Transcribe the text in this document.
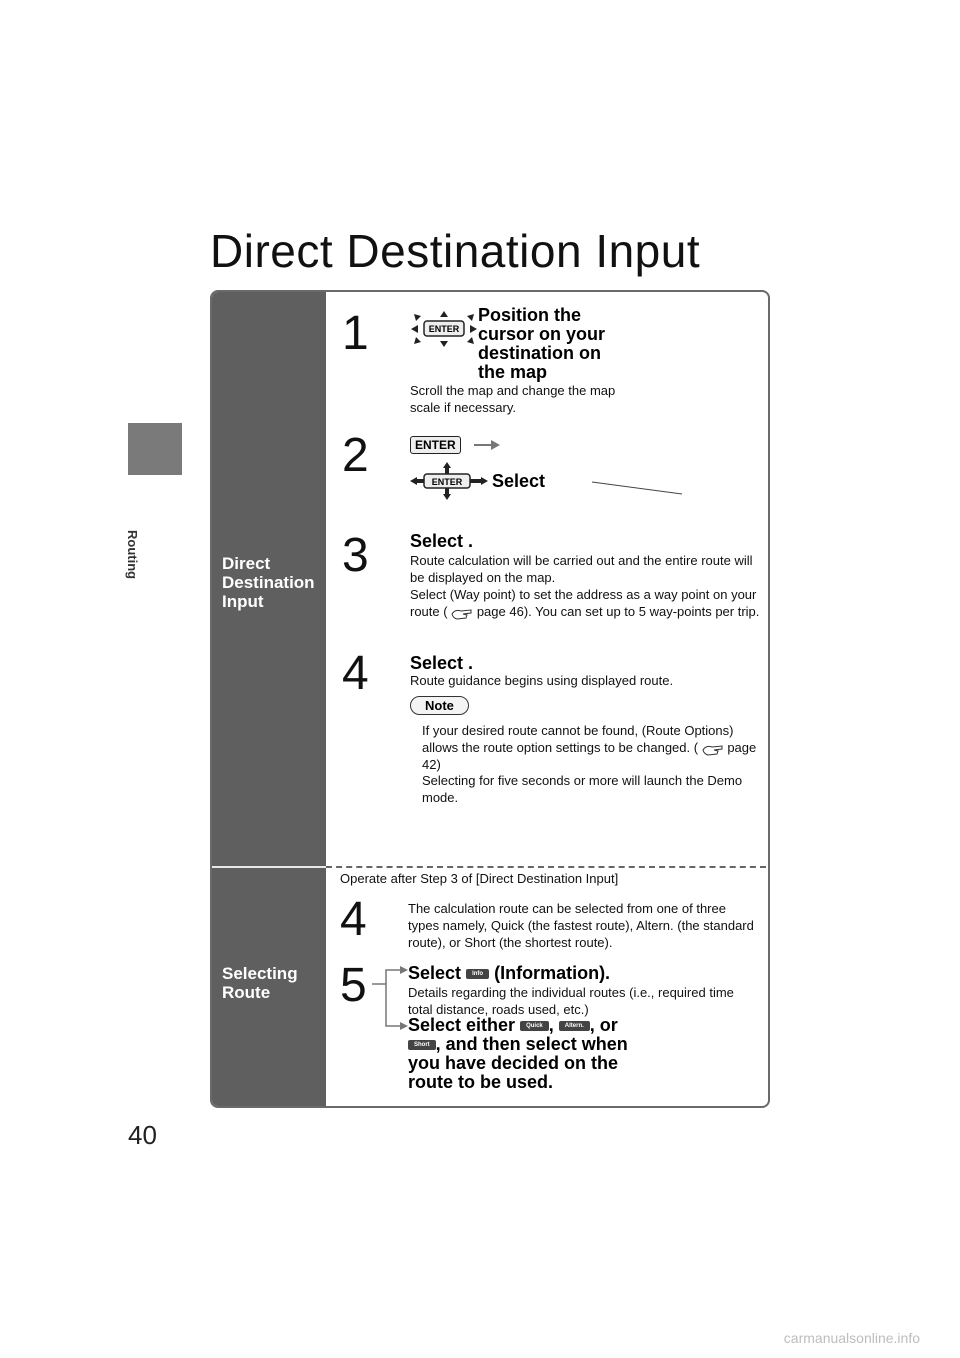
Routing
40
Direct Destination Input
Direct Destination Input
Selecting Route
1	ENTER
Position the cursor on your destination on the map
Scroll the map and change the map scale if necessary.
2	ENTER
ENTER Select
3 Select .
Route calculation will be carried out and the entire route will be displayed on the map.
Select (Way point) to set the address as a way point on your route ( page 46). You can set up to 5 way-points per trip.
4 Select .
Route guidance begins using displayed route.
Note
If your desired route cannot be found, (Route Options) allows the route option settings to be changed. ( page 42)
Selecting for five seconds or more will launch the Demo mode.
Operate after Step 3 of [Direct Destination Input]
4	The calculation route can be selected from one of three types namely, Quick (the fastest route), Altern. (the standard route), or Short (the shortest route).
5 Select Info (Information).
Details regarding the individual routes (i.e., required time total distance, roads used, etc.)
Select either Quick , Altern. , or Short , and then select when you have decided on the route to be used.
carmanualsonline.info
